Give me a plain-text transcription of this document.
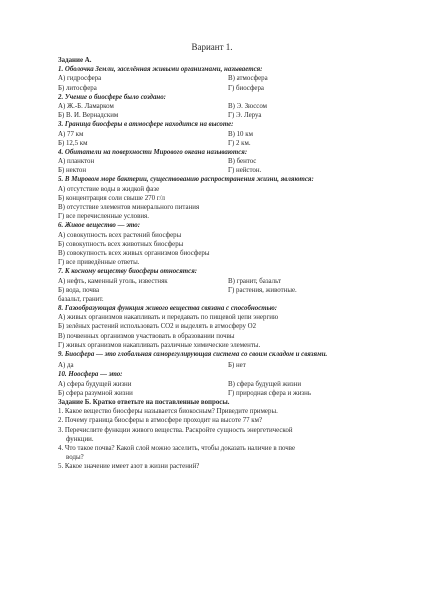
Вариант 1.
Задание А.
1. Оболочка Земли, заселённая живыми организмами, называется:
А) гидросфера	В) атмосфера
Б) литосфера	Г) биосфера
2. Учение о биосфере было создано:
А) Ж.-Б. Ламарком	В) Э. Зюссом
Б) В. И. Вернадским	Г) Э. Леруа
3. Граница биосферы в атмосфере находится на высоте:
А) 77 км	В) 10 км
Б) 12,5 км	Г) 2 км.
4. Обитатели на поверхности Мирового океана называются:
А) планктон	В) бентос
Б) нектон	Г) нейстон.
5. В Мировом море бактерии, существованию распространения жизни, являются:
А) отсутствие воды в жидкой фазе
Б) концентрация соли свыше 270 г/л
В) отсутствие элементов минерального питания
Г) все перечисленные условия.
6. Живое вещество — это:
А) совокупность всех растений биосферы
Б) совокупность всех животных биосферы
В) совокупность всех живых организмов биосферы
Г) все приведённые ответы.
7. К косному веществу биосферы относятся:
А) нефть, каменный уголь, известняк	В) гранит, базальт
Б) вода, почва	Г) растения, животные.
базальт, гранит.
8. Газообразующая функция живого вещества связана с способностью:
А) живых организмов накапливать и передавать по пищевой цепи энергию
Б) зелёных растений использовать CO2 и выделять в атмосферу O2
В) почвенных организмов участвовать в образовании почвы
Г) живых организмов накапливать различные химические элементы.
9. Биосфера — это глобальная саморегулирующая система со своим складом и связями.
А) да	Б) нет
10. Ноосфера — это:
А) сфера будущей жизни	В) сфера будущей жизни
Б) сфера разумной жизни	Г) природная сфера и жизнь
Задание Б. Кратко ответьте на поставленные вопросы.
1. Какое вещество биосферы называется биокосным? Приведите примеры.
2. Почему граница биосферы в атмосфере проходит на высоте 77 км?
3. Перечислите функции живого вещества. Раскройте сущность энергетической
функции.
4. Что такое почва? Какой слой можно заселить, чтобы доказать наличие в почве
воды?
5. Какое значение имеет азот в жизни растений?
